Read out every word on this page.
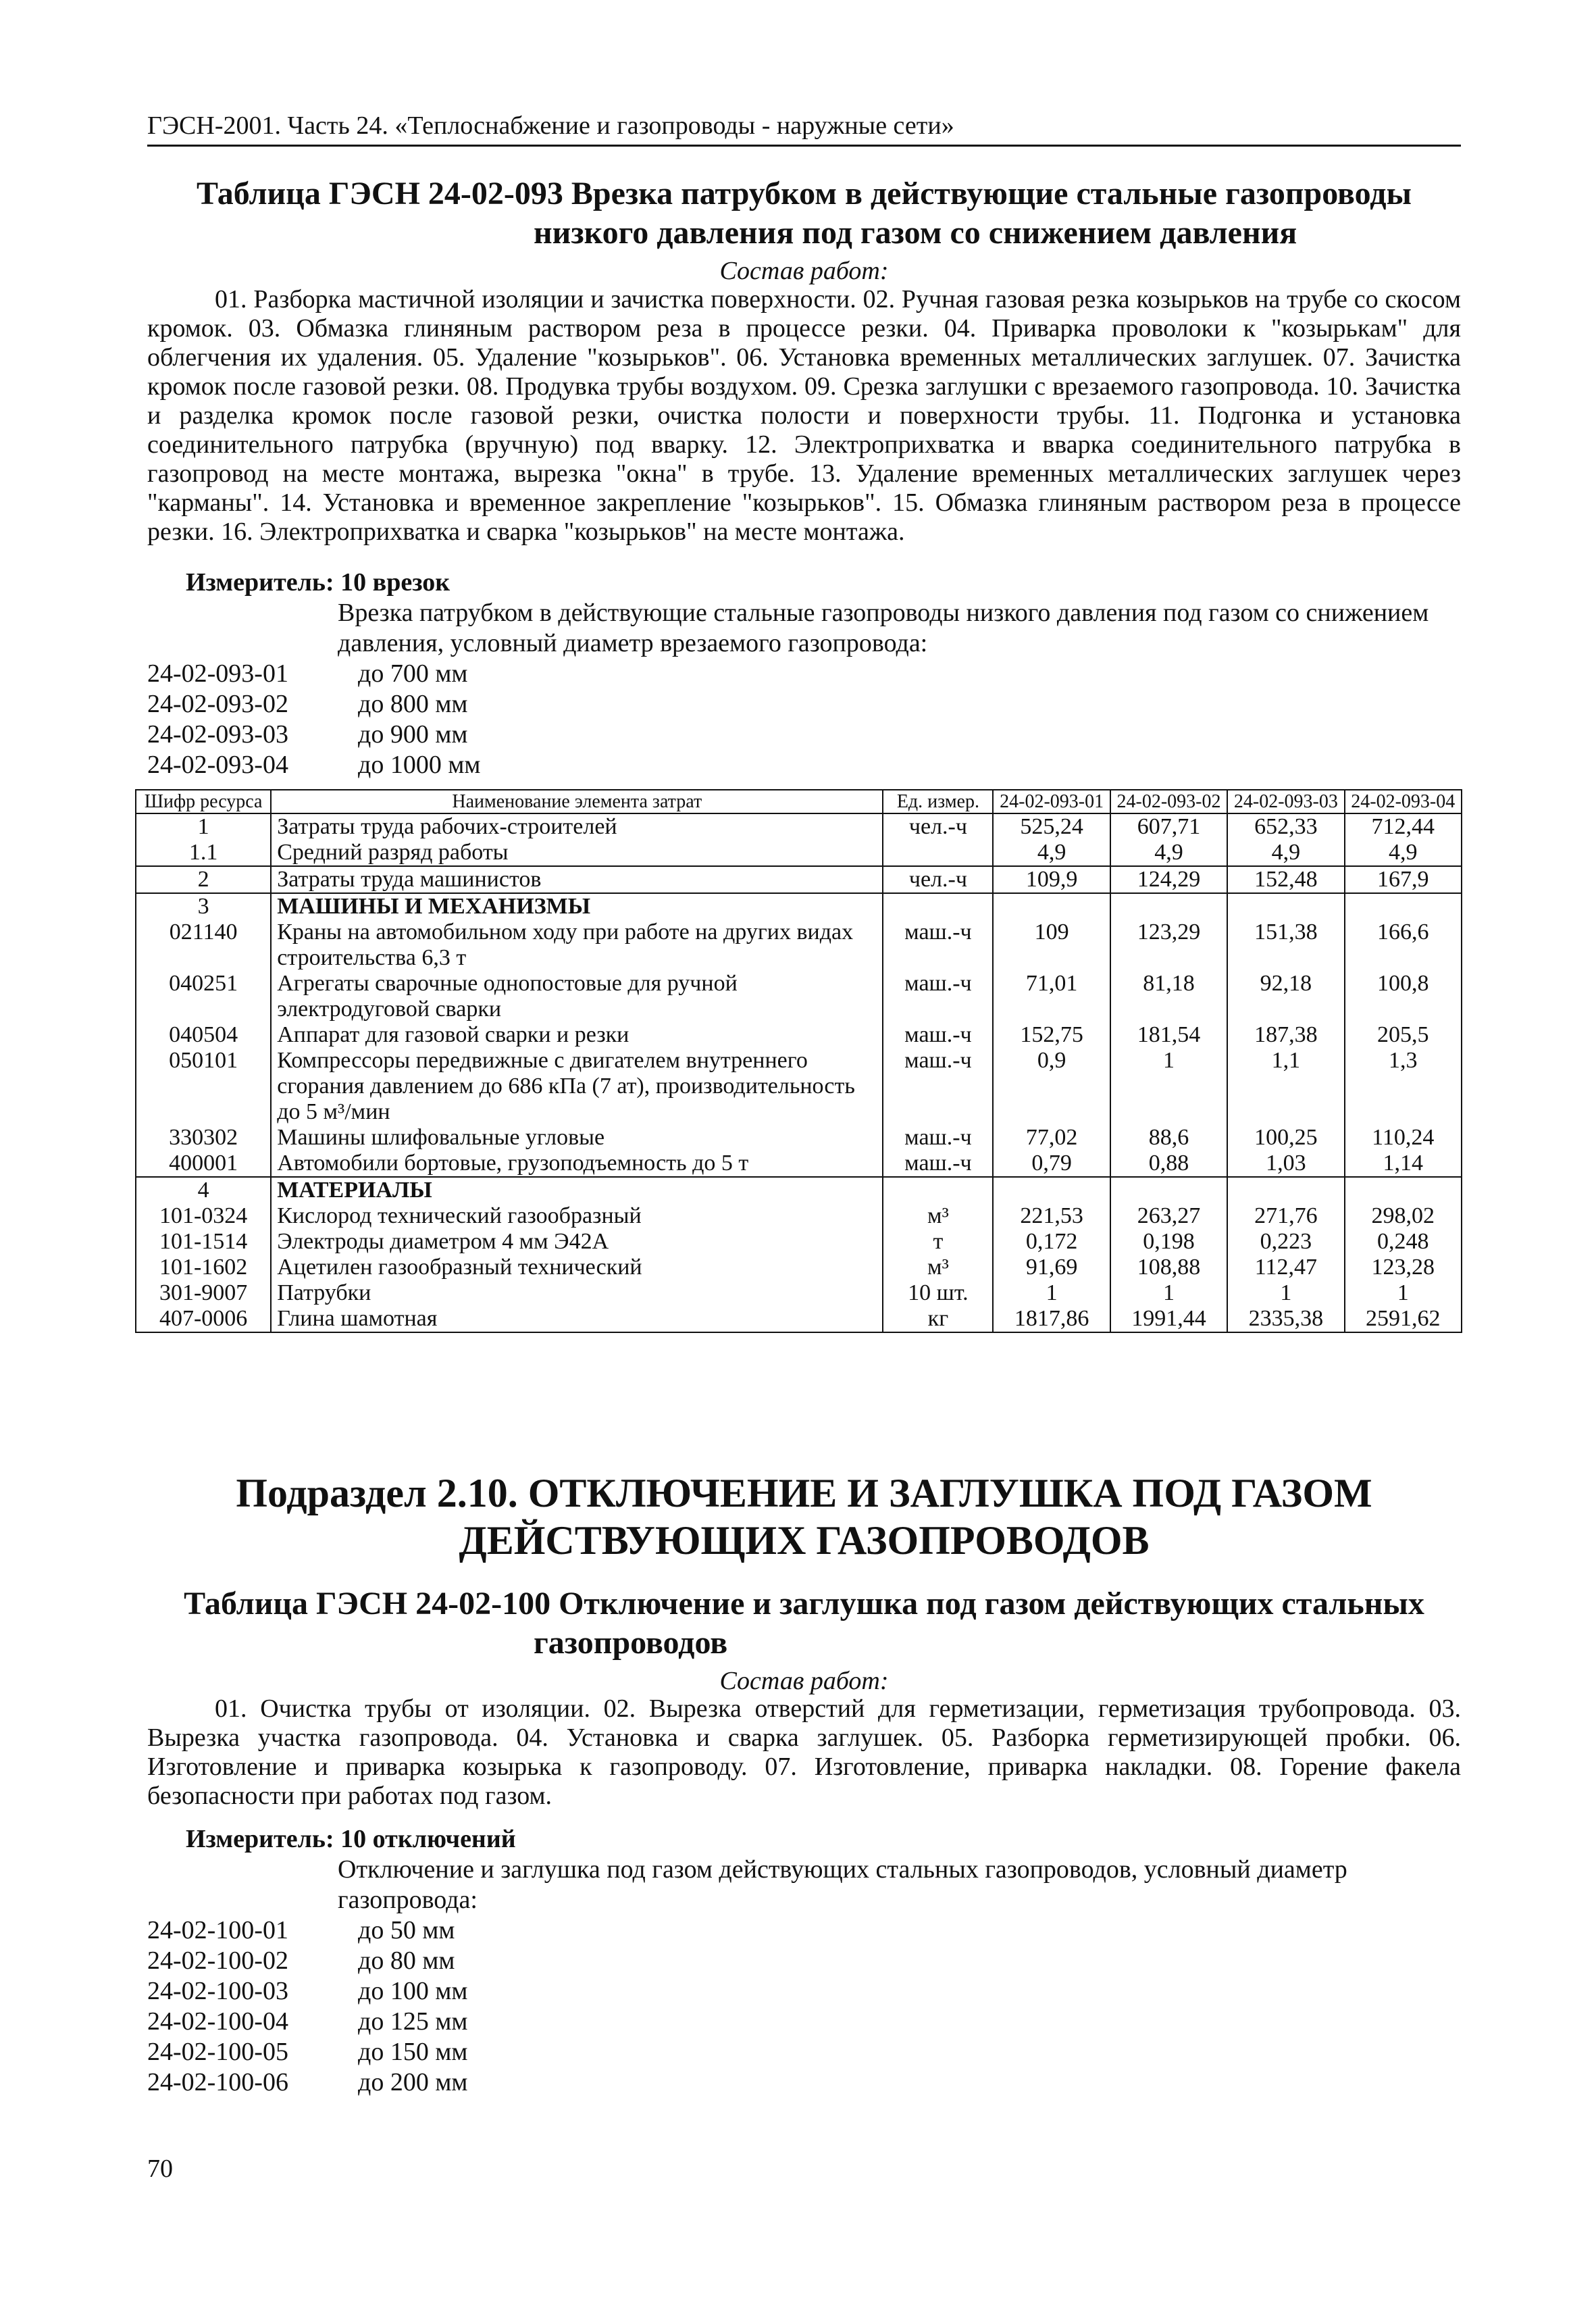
ГЭСН-2001. Часть 24. «Теплоснабжение и газопроводы - наружные сети»
Таблица ГЭСН 24-02-093 Врезка патрубком в действующие стальные газопроводы
низкого давления под газом со снижением давления
Состав работ:
01. Разборка мастичной изоляции и зачистка поверхности. 02. Ручная газовая резка козырьков на трубе со скосом кромок. 03. Обмазка глиняным раствором реза в процессе резки. 04. Приварка проволоки к "козырькам" для облегчения их удаления. 05. Удаление "козырьков". 06. Установка временных металлических заглушек. 07. Зачистка кромок после газовой резки. 08. Продувка трубы воздухом. 09. Срезка заглушки с врезаемого газопровода. 10. Зачистка и разделка кромок после газовой резки, очистка полости и поверхности трубы. 11. Подгонка и установка соединительного патрубка (вручную) под вварку. 12. Электроприхватка и вварка соединительного патрубка в газопровод на месте монтажа, вырезка "окна" в трубе. 13. Удаление временных металлических заглушек через "карманы". 14. Установка и временное закрепление "козырьков". 15. Обмазка глиняным раствором реза в процессе резки. 16. Электроприхватка и сварка "козырьков" на месте монтажа.
Измеритель: 10 врезок
Врезка патрубком в действующие стальные газопроводы низкого давления под газом со снижением давления, условный диаметр врезаемого газопровода:
24-02-093-01	до 700 мм
24-02-093-02	до 800 мм
24-02-093-03	до 900 мм
24-02-093-04	до 1000 мм
Шифр ресурса	Наименование элемента затрат	Ед. измер.	24-02-093-01	24-02-093-02	24-02-093-03	24-02-093-04
1	Затраты труда рабочих-строителей	чел.-ч	525,24	607,71	652,33	712,44
1.1	Средний разряд работы		4,9	4,9	4,9	4,9
2	Затраты труда машинистов	чел.-ч	109,9	124,29	152,48	167,9
3	МАШИНЫ И МЕХАНИЗМЫ					
021140	Краны на автомобильном ходу при работе на других видах строительства 6,3 т	маш.-ч	109	123,29	151,38	166,6
040251	Агрегаты сварочные однопостовые для ручной электродуговой сварки	маш.-ч	71,01	81,18	92,18	100,8
040504	Аппарат для газовой сварки и резки	маш.-ч	152,75	181,54	187,38	205,5
050101	Компрессоры передвижные с двигателем внутреннего сгорания давлением до 686 кПа (7 ат), производительность до 5 м³/мин	маш.-ч	0,9	1	1,1	1,3
330302	Машины шлифовальные угловые	маш.-ч	77,02	88,6	100,25	110,24
400001	Автомобили бортовые, грузоподъемность до 5 т	маш.-ч	0,79	0,88	1,03	1,14
4	МАТЕРИАЛЫ					
101-0324	Кислород технический газообразный	м³	221,53	263,27	271,76	298,02
101-1514	Электроды диаметром 4 мм Э42А	т	0,172	0,198	0,223	0,248
101-1602	Ацетилен газообразный технический	м³	91,69	108,88	112,47	123,28
301-9007	Патрубки	10 шт.	1	1	1	1
407-0006	Глина шамотная	кг	1817,86	1991,44	2335,38	2591,62
Подраздел 2.10. ОТКЛЮЧЕНИЕ И ЗАГЛУШКА ПОД ГАЗОМ
ДЕЙСТВУЮЩИХ ГАЗОПРОВОДОВ
Таблица ГЭСН 24-02-100 Отключение и заглушка под газом действующих стальных
газопроводов
Состав работ:
01. Очистка трубы от изоляции. 02. Вырезка отверстий для герметизации, герметизация трубопровода. 03. Вырезка участка газопровода. 04. Установка и сварка заглушек. 05. Разборка герметизирующей пробки. 06. Изготовление и приварка козырька к газопроводу. 07. Изготовление, приварка накладки. 08. Горение факела безопасности при работах под газом.
Измеритель: 10 отключений
Отключение и заглушка под газом действующих стальных газопроводов, условный диаметр газопровода:
24-02-100-01	до 50 мм
24-02-100-02	до 80 мм
24-02-100-03	до 100 мм
24-02-100-04	до 125 мм
24-02-100-05	до 150 мм
24-02-100-06	до 200 мм
70
